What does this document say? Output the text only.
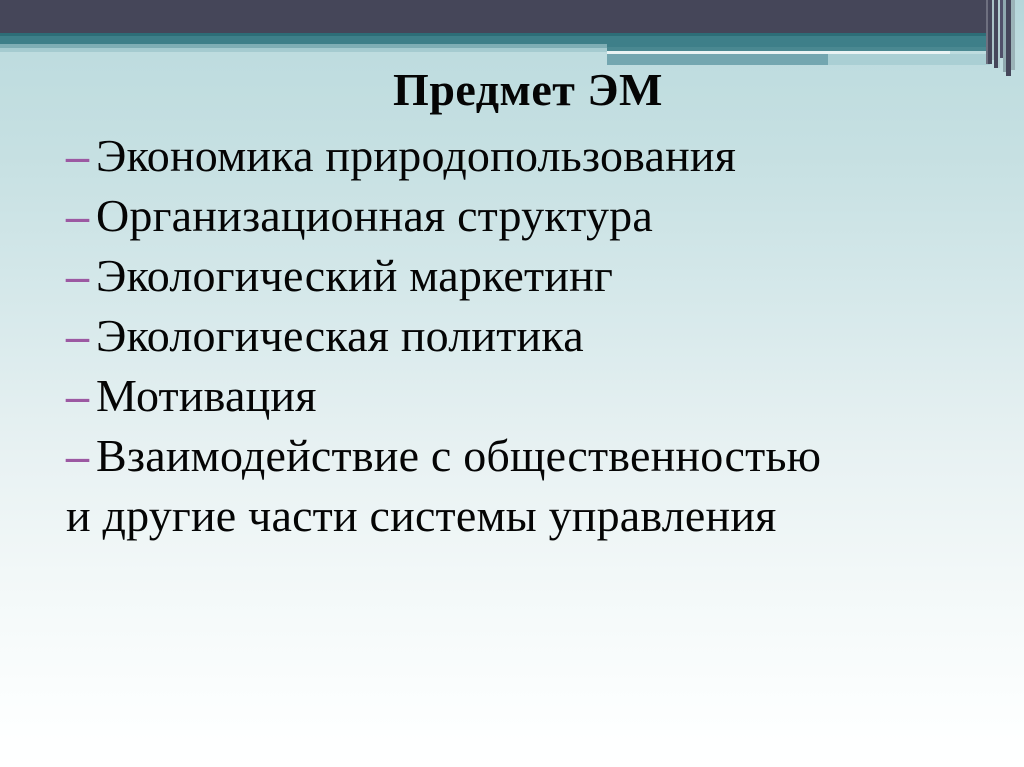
Предмет ЭМ
– Экономика природопользования
– Организационная структура
– Экологический маркетинг
– Экологическая политика
– Мотивация
– Взаимодействие с общественностью
и другие части системы управления
